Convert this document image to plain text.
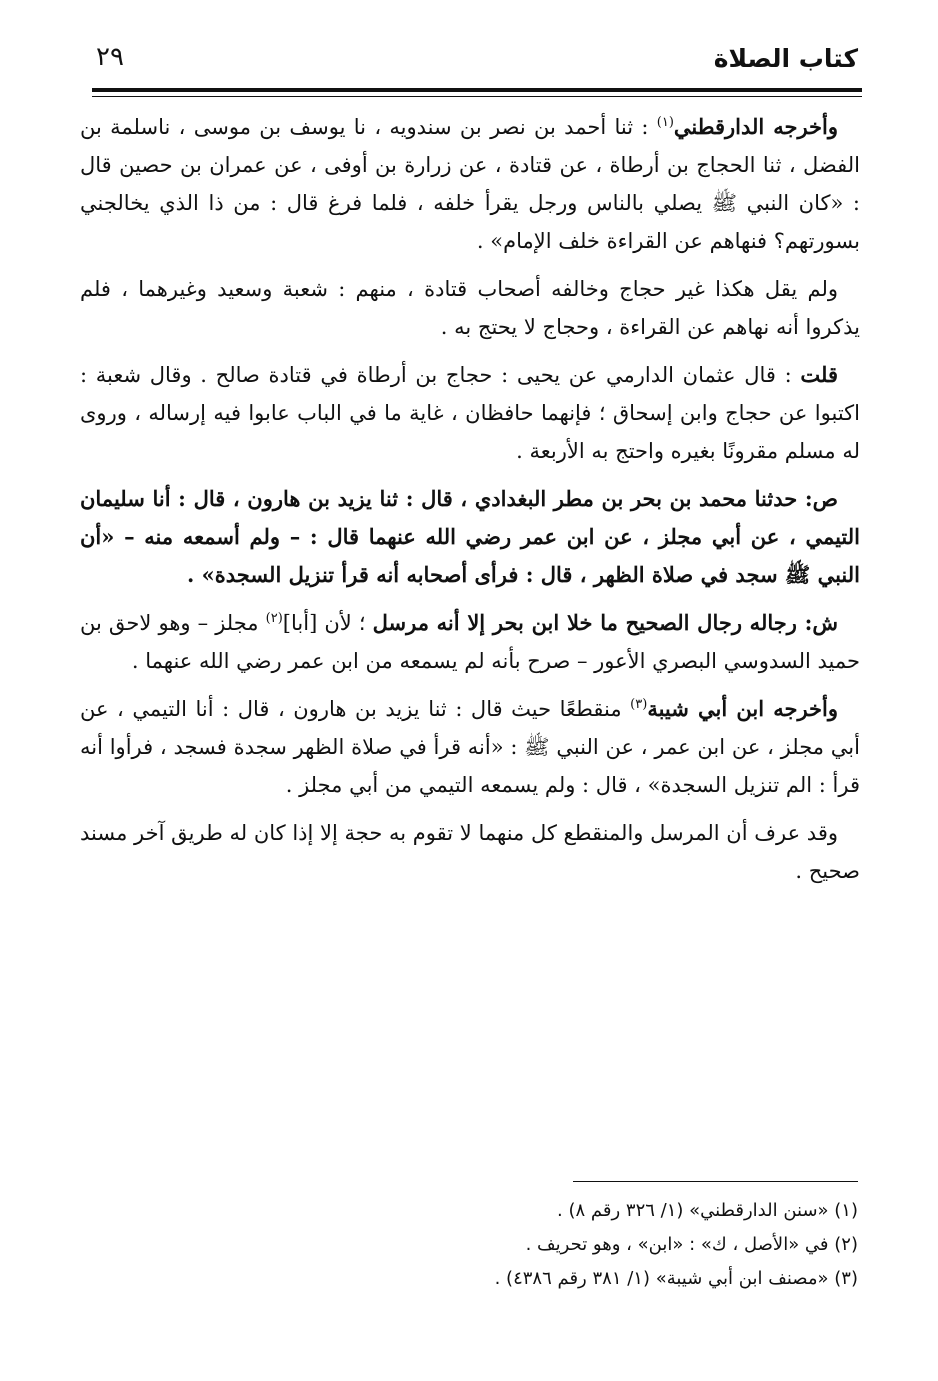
كتاب الصلاة
٢٩

وأخرجه الدارقطني$^{(١)}$ : ثنا أحمد بن نصر بن سندويه ، نا يوسف بن موسى ، ناسلمة بن الفضل ، ثنا الحجاج بن أرطاة ، عن قتادة ، عن زرارة بن أوفى ، عن عمران بن حصين قال : «كان النبي ﷺ يصلي بالناس ورجل يقرأ خلفه ، فلما فرغ قال : من ذا الذي يخالجني بسورتهم؟ فنهاهم عن القراءة خلف الإمام» .

ولم يقل هكذا غير حجاج وخالفه أصحاب قتادة ، منهم : شعبة وسعيد وغيرهما ، فلم يذكروا أنه نهاهم عن القراءة ، وحجاج لا يحتج به .

قلت : قال عثمان الدارمي عن يحيى : حجاج بن أرطاة في قتادة صالح . وقال شعبة : اكتبوا عن حجاج وابن إسحاق ؛ فإنهما حافظان ، غاية ما في الباب عابوا فيه إرساله ، وروى له مسلم مقرونًا بغيره واحتج به الأربعة .

ص: حدثنا محمد بن بحر بن مطر البغدادي ، قال : ثنا يزيد بن هارون ، قال : أنا سليمان التيمي ، عن أبي مجلز ، عن ابن عمر رضي الله عنهما قال : – ولم أسمعه منه – «أن النبي ﷺ سجد في صلاة الظهر ، قال : فرأى أصحابه أنه قرأ تنزيل السجدة» .

ش: رجاله رجال الصحيح ما خلا ابن بحر إلا أنه مرسل ؛ لأن [أبا]$^{(٢)}$ مجلز – وهو لاحق بن حميد السدوسي البصري الأعور – صرح بأنه لم يسمعه من ابن عمر رضي الله عنهما .

وأخرجه ابن أبي شيبة$^{(٣)}$ منقطعًا حيث قال : ثنا يزيد بن هارون ، قال : أنا التيمي ، عن أبي مجلز ، عن ابن عمر ، عن النبي ﷺ : «أنه قرأ في صلاة الظهر سجدة فسجد ، فرأوا أنه قرأ : الم تنزيل السجدة» ، قال : ولم يسمعه التيمي من أبي مجلز .

وقد عرف أن المرسل والمنقطع كل منهما لا تقوم به حجة إلا إذا كان له طريق آخر مسند صحيح .

(١) «سنن الدارقطني» (١/ ٣٢٦ رقم ٨) .
(٢) في «الأصل ، ك» : «ابن» ، وهو تحريف .
(٣) «مصنف ابن أبي شيبة» (١/ ٣٨١ رقم ٤٣٨٦) .
